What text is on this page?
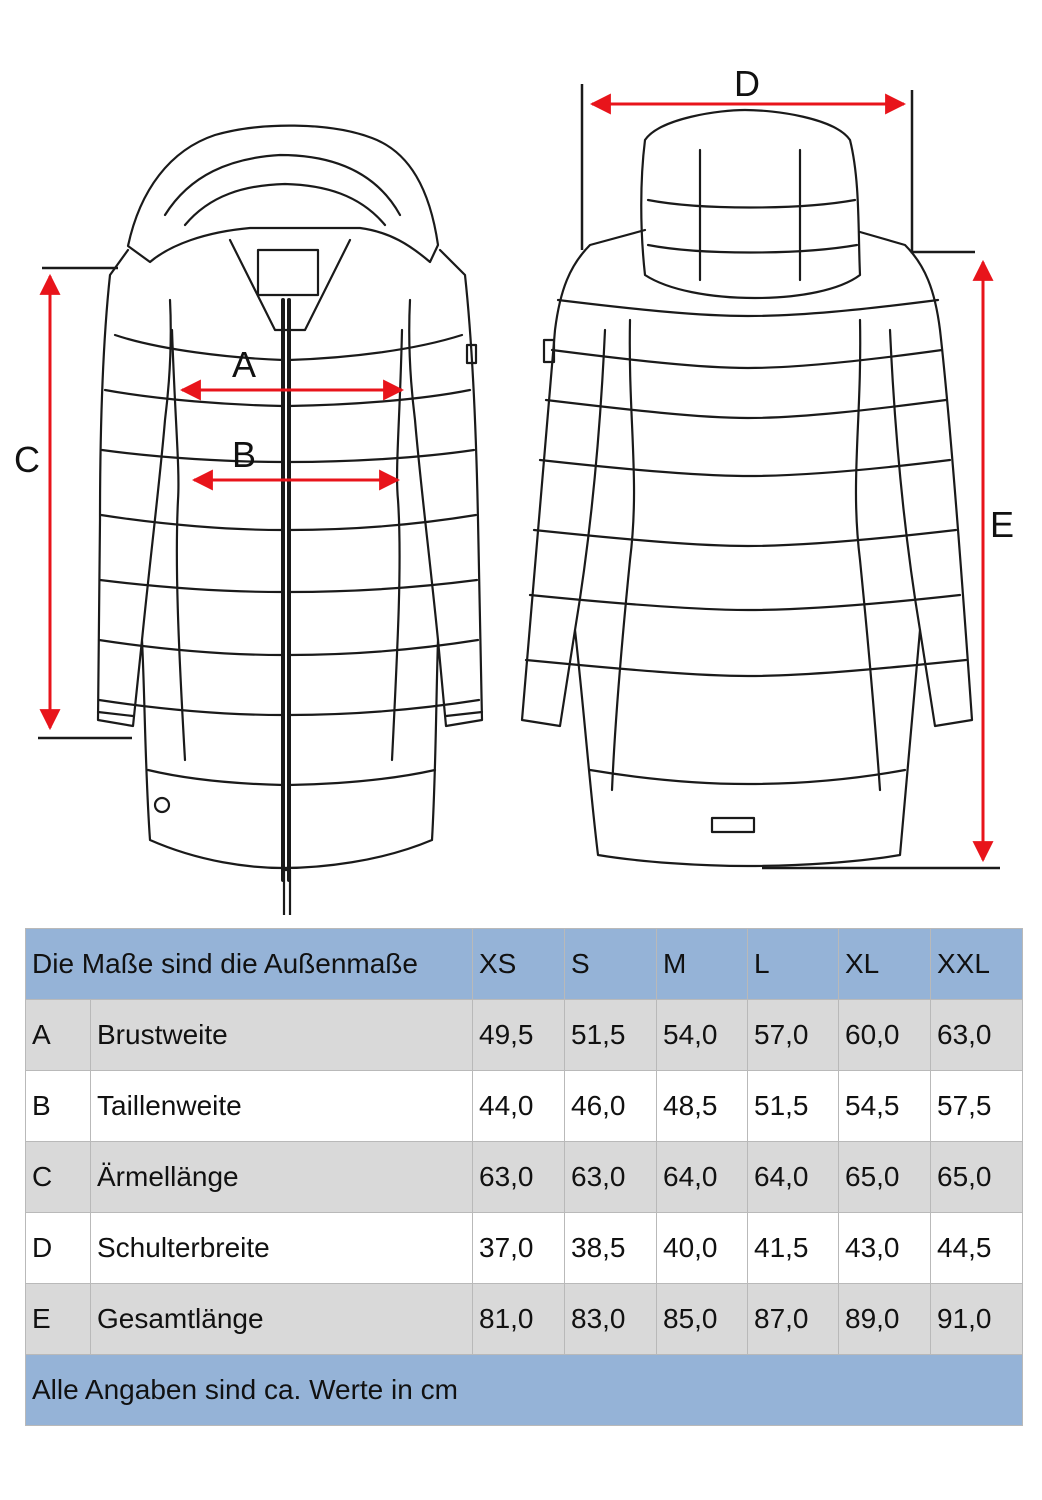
A
B
C
D
E
Die Maße sind die Außenmaße		XS	S	M	L	XL	XXL
A	Brustweite	49,5	51,5	54,0	57,0	60,0	63,0
B	Taillenweite	44,0	46,0	48,5	51,5	54,5	57,5
C	Ärmellänge	63,0	63,0	64,0	64,0	65,0	65,0
D	Schulterbreite	37,0	38,5	40,0	41,5	43,0	44,5
E	Gesamtlänge	81,0	83,0	85,0	87,0	89,0	91,0
Alle Angaben sind ca. Werte in cm							
